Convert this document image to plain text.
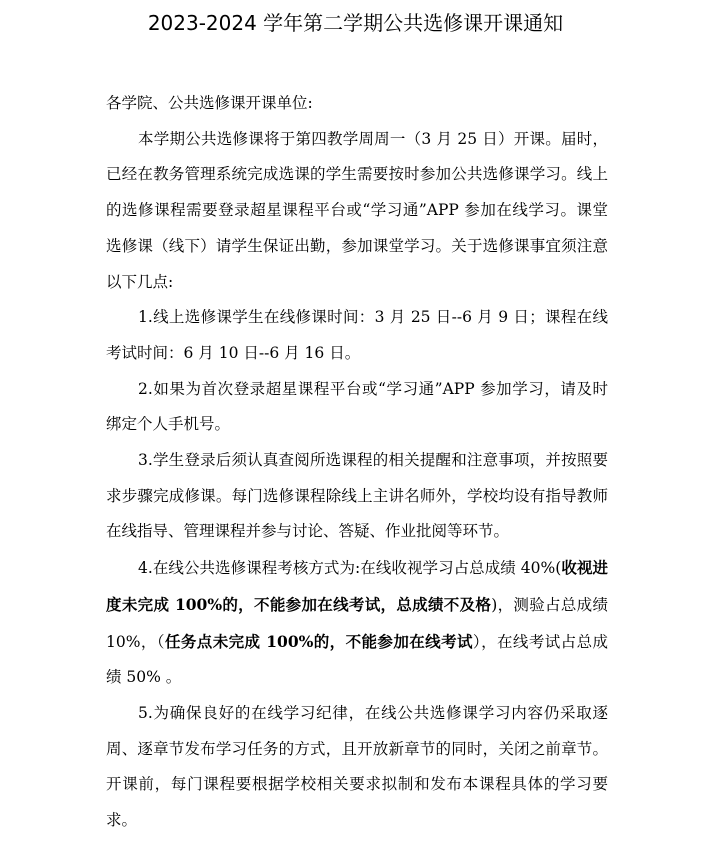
2023-2024 学年第二学期公共选修课开课通知

各学院、公共选修课开课单位:

本学期公共选修课将于第四教学周周一（3 月 25 日）开课。届时，已经在教务管理系统完成选课的学生需要按时参加公共选修课学习。线上的选修课程需要登录超星课程平台或“学习通”APP 参加在线学习。课堂选修课（线下）请学生保证出勤，参加课堂学习。关于选修课事宜须注意以下几点:

1.线上选修课学生在线修课时间：3 月 25 日--6 月 9 日；课程在线考试时间：6 月 10 日--6 月 16 日。

2.如果为首次登录超星课程平台或“学习通”APP 参加学习，请及时绑定个人手机号。

3.学生登录后须认真查阅所选课程的相关提醒和注意事项，并按照要求步骤完成修课。每门选修课程除线上主讲名师外，学校均设有指导教师在线指导、管理课程并参与讨论、答疑、作业批阅等环节。

4.在线公共选修课程考核方式为:在线收视学习占总成绩 40%(收视进度未完成 100%的，不能参加在线考试，总成绩不及格)，测验占总成绩 10%，（任务点未完成 100%的，不能参加在线考试），在线考试占总成绩 50% 。

5.为确保良好的在线学习纪律，在线公共选修课学习内容仍采取逐周、逐章节发布学习任务的方式，且开放新章节的同时，关闭之前章节。开课前，每门课程要根据学校相关要求拟制和发布本课程具体的学习要求。
